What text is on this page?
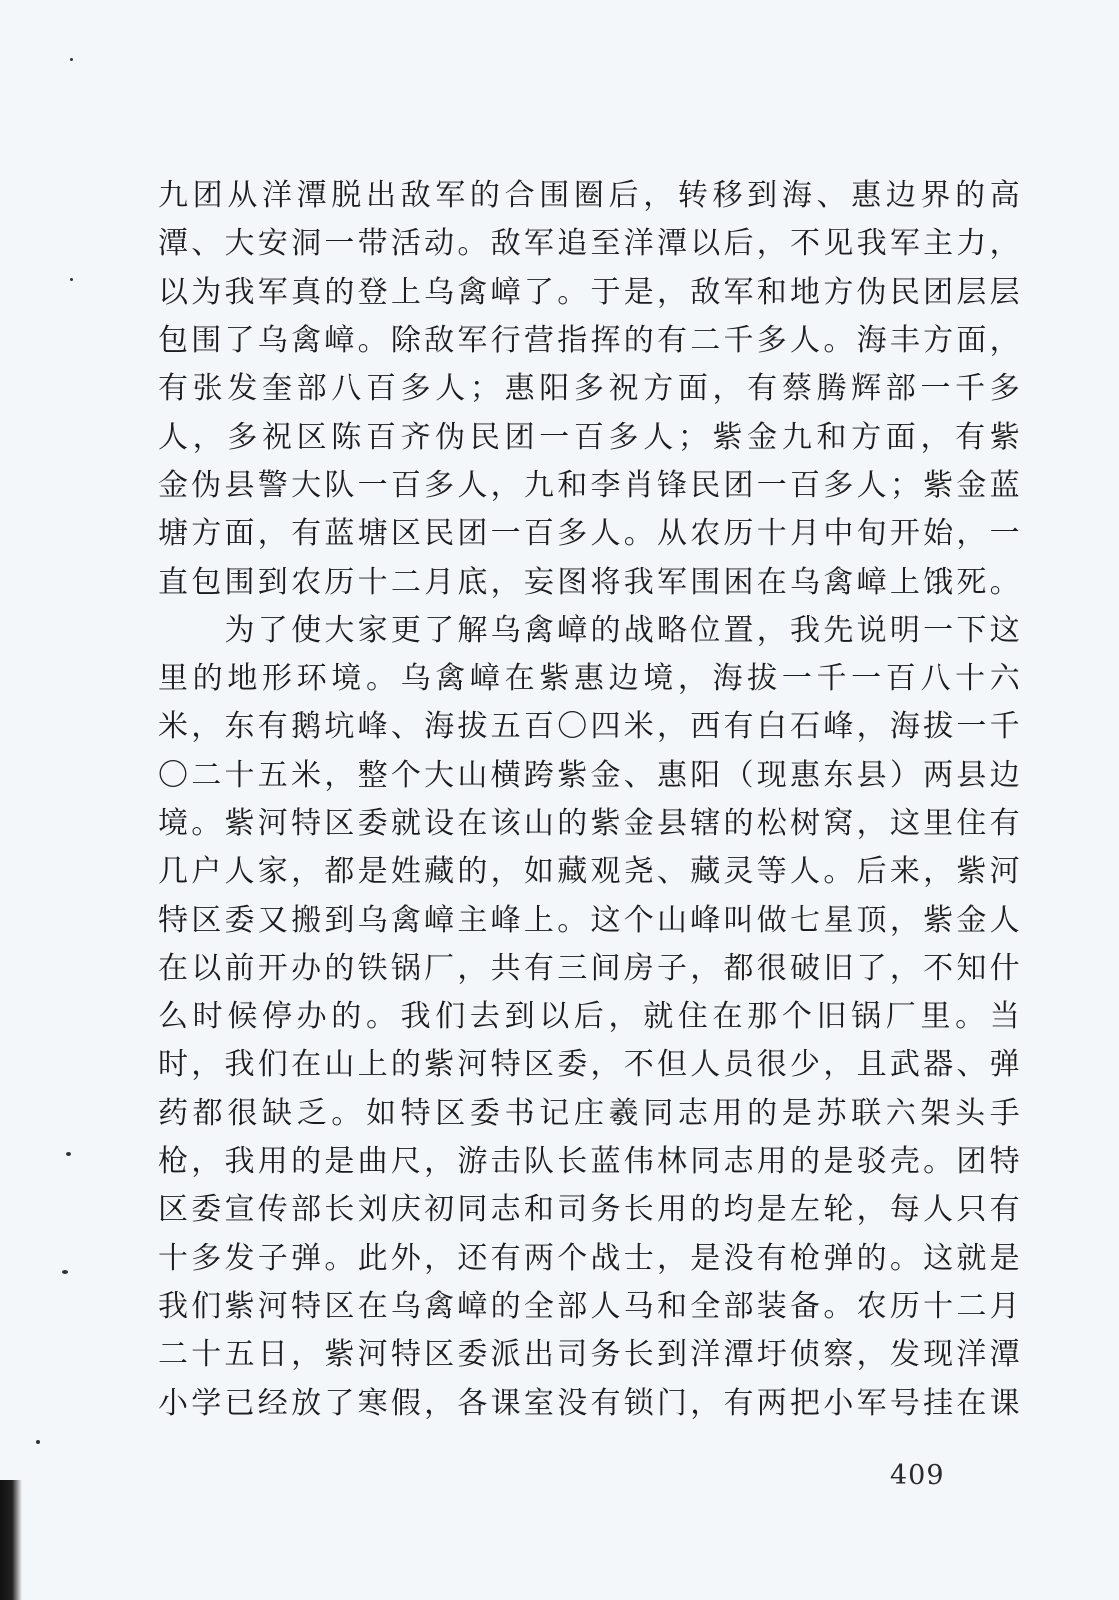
九 团 从 洋 潭 脱 出 敌 军 的 合 围 圈 后 ， 转 移 到 海 、 惠 边 界 的 高
潭 、 大 安 洞 一 带 活 动 。 敌 军 追 至 洋 潭 以 后 ， 不 见 我 军 主 力 ，
以 为 我 军 真 的 登 上 乌 禽 嶂 了 。 于 是 ， 敌 军 和 地 方 伪 民 团 层 层
包 围 了 乌 禽 嶂 。 除 敌 军 行 营 指 挥 的 有 二 千 多 人 。 海 丰 方 面 ，
有 张 发 奎 部 八 百 多 人 ； 惠 阳 多 祝 方 面 ， 有 蔡 腾 辉 部 一 千 多
人 ， 多 祝 区 陈 百 齐 伪 民 团 一 百 多 人 ； 紫 金 九 和 方 面 ， 有 紫
金 伪 县 警 大 队 一 百 多 人 ， 九 和 李 肖 锋 民 团 一 百 多 人 ； 紫 金 蓝
塘 方 面 ， 有 蓝 塘 区 民 团 一 百 多 人 。 从 农 历 十 月 中 旬 开 始 ， 一
直 包 围 到 农 历 十 二 月 底 ， 妄 图 将 我 军 围 困 在 乌 禽 嶂 上 饿 死 。

为 了 使 大 家 更 了 解 乌 禽 嶂 的 战 略 位 置 ， 我 先 说 明 一 下 这
里 的 地 形 环 境 。 乌 禽 嶂 在 紫 惠 边 境 ， 海 拔 一 千 一 百 八 十 六
米 ， 东 有 鹅 坑 峰 、 海 拔 五 百 〇 四 米 ， 西 有 白 石 峰 ， 海 拔 一 千
〇 二 十 五 米 ， 整 个 大 山 横 跨 紫 金 、 惠 阳 （ 现 惠 东 县 ） 两 县 边
境 。 紫 河 特 区 委 就 设 在 该 山 的 紫 金 县 辖 的 松 树 窝 ， 这 里 住 有
几 户 人 家 ， 都 是 姓 藏 的 ， 如 藏 观 尧 、 藏 灵 等 人 。 后 来 ， 紫 河
特 区 委 又 搬 到 乌 禽 嶂 主 峰 上 。 这 个 山 峰 叫 做 七 星 顶 ， 紫 金 人
在 以 前 开 办 的 铁 锅 厂 ， 共 有 三 间 房 子 ， 都 很 破 旧 了 ， 不 知 什
么 时 候 停 办 的 。 我 们 去 到 以 后 ， 就 住 在 那 个 旧 锅 厂 里 。 当
时 ， 我 们 在 山 上 的 紫 河 特 区 委 ， 不 但 人 员 很 少 ， 且 武 器 、 弹
药 都 很 缺 乏 。 如 特 区 委 书 记 庄 羲 同 志 用 的 是 苏 联 六 架 头 手
枪 ， 我 用 的 是 曲 尺 ， 游 击 队 长 蓝 伟 林 同 志 用 的 是 驳 壳 。 团 特
区 委 宣 传 部 长 刘 庆 初 同 志 和 司 务 长 用 的 均 是 左 轮 ， 每 人 只 有
十 多 发 子 弹 。 此 外 ， 还 有 两 个 战 士 ， 是 没 有 枪 弹 的 。 这 就 是
我 们 紫 河 特 区 在 乌 禽 嶂 的 全 部 人 马 和 全 部 装 备 。 农 历 十 二 月
二 十 五 日 ， 紫 河 特 区 委 派 出 司 务 长 到 洋 潭 圩 侦 察 ， 发 现 洋 潭
小 学 已 经 放 了 寒 假 ， 各 课 室 没 有 锁 门 ， 有 两 把 小 军 号 挂 在 课
409
